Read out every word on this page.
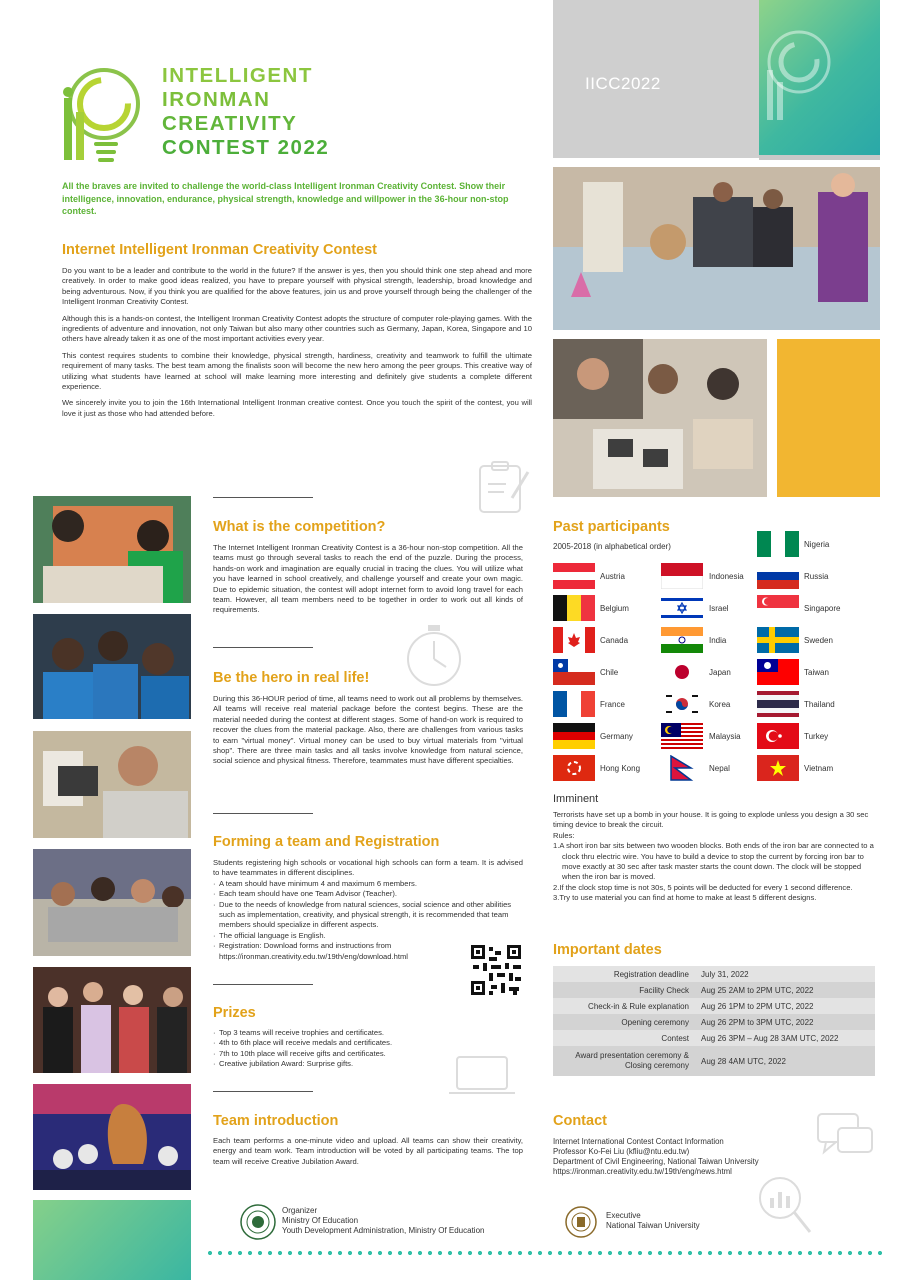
INTELLIGENT
IRONMAN
CREATIVITY
CONTEST 2022
IICC2022
All the braves are invited to challenge the world-class Intelligent Ironman Creativity Contest. Show their intelligence, innovation, endurance, physical strength, knowledge and willpower in the 36-hour non-stop contest.
Internet Intelligent Ironman Creativity Contest

Do you want to be a leader and contribute to the world in the future? If the answer is yes, then you should think one step ahead and more creatively. In order to make good ideas realized, you have to prepare yourself with physical strength, leadership, broad knowledge and being adventurous. Now, if you think you are qualified for the above features, join us and prove yourself through being the challenger of the Intelligent Ironman Creativity Contest.

Although this is a hands-on contest, the Intelligent Ironman Creativity Contest adopts the structure of computer role-playing games. With the ingredients of adventure and innovation, not only Taiwan but also many other countries such as Germany, Japan, Korea, Singapore and 10 others have already taken it as one of the most important activities every year.

This contest requires students to combine their knowledge, physical strength, hardiness, creativity and teamwork to fulfill the ultimate requirement of many tasks. The best team among the finalists soon will become the new hero among the peer groups. This creative way of utilizing what students have learned at school will make learning more interesting and definitely give students a complete different experience.

We sincerely invite you to join the 16th International Intelligent Ironman creative contest. Once you touch the spirit of the contest, you will love it just as those who had attended before.

What is the competition?

The Internet Intelligent Ironman Creativity Contest is a 36-hour non-stop competition. All the teams must go through several tasks to reach the end of the puzzle. During the process, hands-on work and imagination are equally crucial in tracing the clues. You will utilize what you have learned in school creatively, and challenge yourself and create your own magic. Due to epidemic situation, the contest will adopt internet form to avoid long travel for each team. However, all team members need to be together in order to work out all kinds of requirements.

Be the hero in real life!

During this 36-HOUR period of time, all teams need to work out all problems by themselves. All teams will receive real material package before the contest begins. These are the material needed during the contest at different stages. Some of hand-on work is required to recover the clues from the material package. Also, there are challenges from various tasks to earn "virtual money". Virtual money can be used to buy virtual materials from "virtual shop". There are three main tasks and all tasks involve knowledge from natural science, social science and physical fitness. Therefore, teammates must have different specialties.

Forming a team and Registration

Students registering high schools or vocational high schools can form a team. It is advised to have teammates in different disciplines.

· A team should have minimum 4 and maximum 6 members.
· Each team should have one Team Advisor (Teacher).
· Due to the needs of knowledge from natural sciences, social science and other abilities such as implementation, creativity, and physical strength, it is recommended that team members should specialize in different aspects.
· The official language is English.
· Registration: Download forms and instructions from https://ironman.creativity.edu.tw/19th/eng/download.html
Prizes
· Top 3 teams will receive trophies and certificates.
· 4th to 6th place will receive medals and certificates.
· 7th to 10th place will receive gifts and certificates.
· Creative jubilation Award: Surprise gifts.
Team introduction

Each team performs a one-minute video and upload. All teams can show their creativity, energy and team work. Team introduction will be voted by all participating teams. The top team will receive Creative Jubilation Award.

Organizer
Ministry Of Education
Youth Development Administration, Ministry Of Education
Past participants
2005-2018 (in alphabetical order)
Austria
Belgium
Canada
Chile
France
Germany
Hong Kong
Indonesia
Israel
India
Japan
Korea
Malaysia
Nepal
Nigeria
Russia
Singapore
Sweden
Taiwan
Thailand
Turkey
Vietnam
Imminent

Terrorists have set up a bomb in your house. It is going to explode unless you design a 30 sec timing device to break the circuit.

Rules:

1.A short iron bar sits between two wooden blocks. Both ends of the iron bar are connected to a clock thru electric wire. You have to build a device to stop the current by forcing iron bar to move exactly at 30 sec after task master starts the count down. The clock will be stopped when the iron bar is moved.

2.If the clock stop time is not 30s, 5 points will be deducted for every 1 second difference.

3.Try to use material you can find at home to make at least 5 different designs.

Important dates
Registration deadline	July 31, 2022
Facility Check	Aug 25 2AM to 2PM UTC, 2022
Check-in & Rule explanation	Aug 26 1PM to 2PM UTC, 2022
Opening ceremony	Aug 26 2PM to 3PM UTC, 2022
Contest	Aug 26 3PM – Aug 28 3AM UTC, 2022
Award presentation ceremony & Closing ceremony	Aug 28 4AM UTC, 2022
Contact
Internet International Contest Contact Information
Professor Ko-Fei Liu (kfliu@ntu.edu.tw)
Department of Civil Engineering, National Taiwan University
https://ironman.creativity.edu.tw/19th/eng/news.html
Executive
National Taiwan University
